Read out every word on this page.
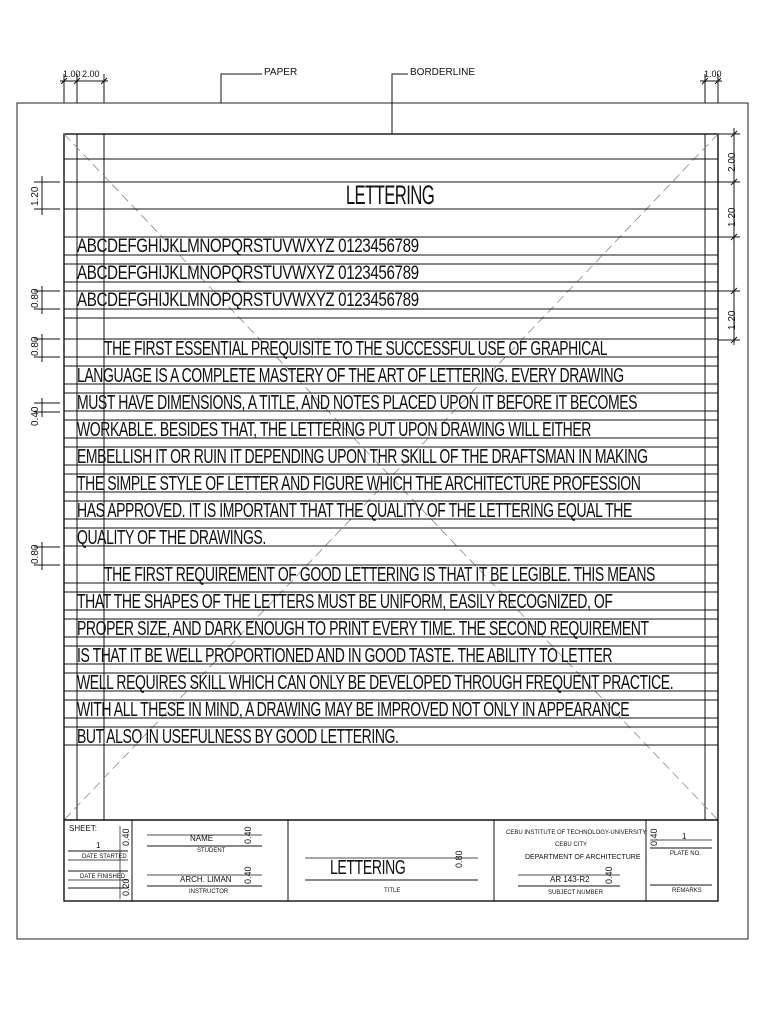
PAPER	BORDERLINE
1.00 2.00	1.00
2.00
1.20
1.20
1.20
0.80
0.80
0.40
0.80
LETTERING
ABCDEFGHIJKLMNOPQRSTUVWXYZ 0123456789
ABCDEFGHIJKLMNOPQRSTUVWXYZ 0123456789
ABCDEFGHIJKLMNOPQRSTUVWXYZ 0123456789
THE FIRST ESSENTIAL PREQUISITE TO THE SUCCESSFUL USE OF GRAPHICAL
LANGUAGE IS A COMPLETE MASTERY OF THE ART OF LETTERING. EVERY DRAWING
MUST HAVE DIMENSIONS, A TITLE, AND NOTES PLACED UPON IT BEFORE IT BECOMES
WORKABLE. BESIDES THAT, THE LETTERING PUT UPON DRAWING WILL EITHER
EMBELLISH IT OR RUIN IT DEPENDING UPON THR SKILL OF THE DRAFTSMAN IN MAKING
THE SIMPLE STYLE OF LETTER AND FIGURE WHICH THE ARCHITECTURE PROFESSION
HAS APPROVED. IT IS IMPORTANT THAT THE QUALITY OF THE LETTERING EQUAL THE
QUALITY OF THE DRAWINGS.
THE FIRST REQUIREMENT OF GOOD LETTERING IS THAT IT BE LEGIBLE. THIS MEANS
THAT THE SHAPES OF THE LETTERS MUST BE UNIFORM, EASILY RECOGNIZED, OF
PROPER SIZE, AND DARK ENOUGH TO PRINT EVERY TIME. THE SECOND REQUIREMENT
IS THAT IT BE WELL PROPORTIONED AND IN GOOD TASTE. THE ABILITY TO LETTER
WELL REQUIRES SKILL WHICH CAN ONLY BE DEVELOPED THROUGH FREQUENT PRACTICE.
WITH ALL THESE IN MIND, A DRAWING MAY BE IMPROVED NOT ONLY IN APPEARANCE
BUT ALSO IN USEFULNESS BY GOOD LETTERING.
SHEET:
1
DATE STARTED
DATE FINISHED
0.40
0.20
NAME
STUDENT
ARCH. LIMAN
INSTRUCTOR
0.40
0.40	LETTERING
TITLE
0.80
CEBU INSTITUTE OF TECHNOLOGY-UNIVERSITY
CEBU CITY
DEPARTMENT OF ARCHITECTURE
AR 143-R2
SUBJECT NUMBER
0.40
1
PLATE NO.
REMARKS
0.40
